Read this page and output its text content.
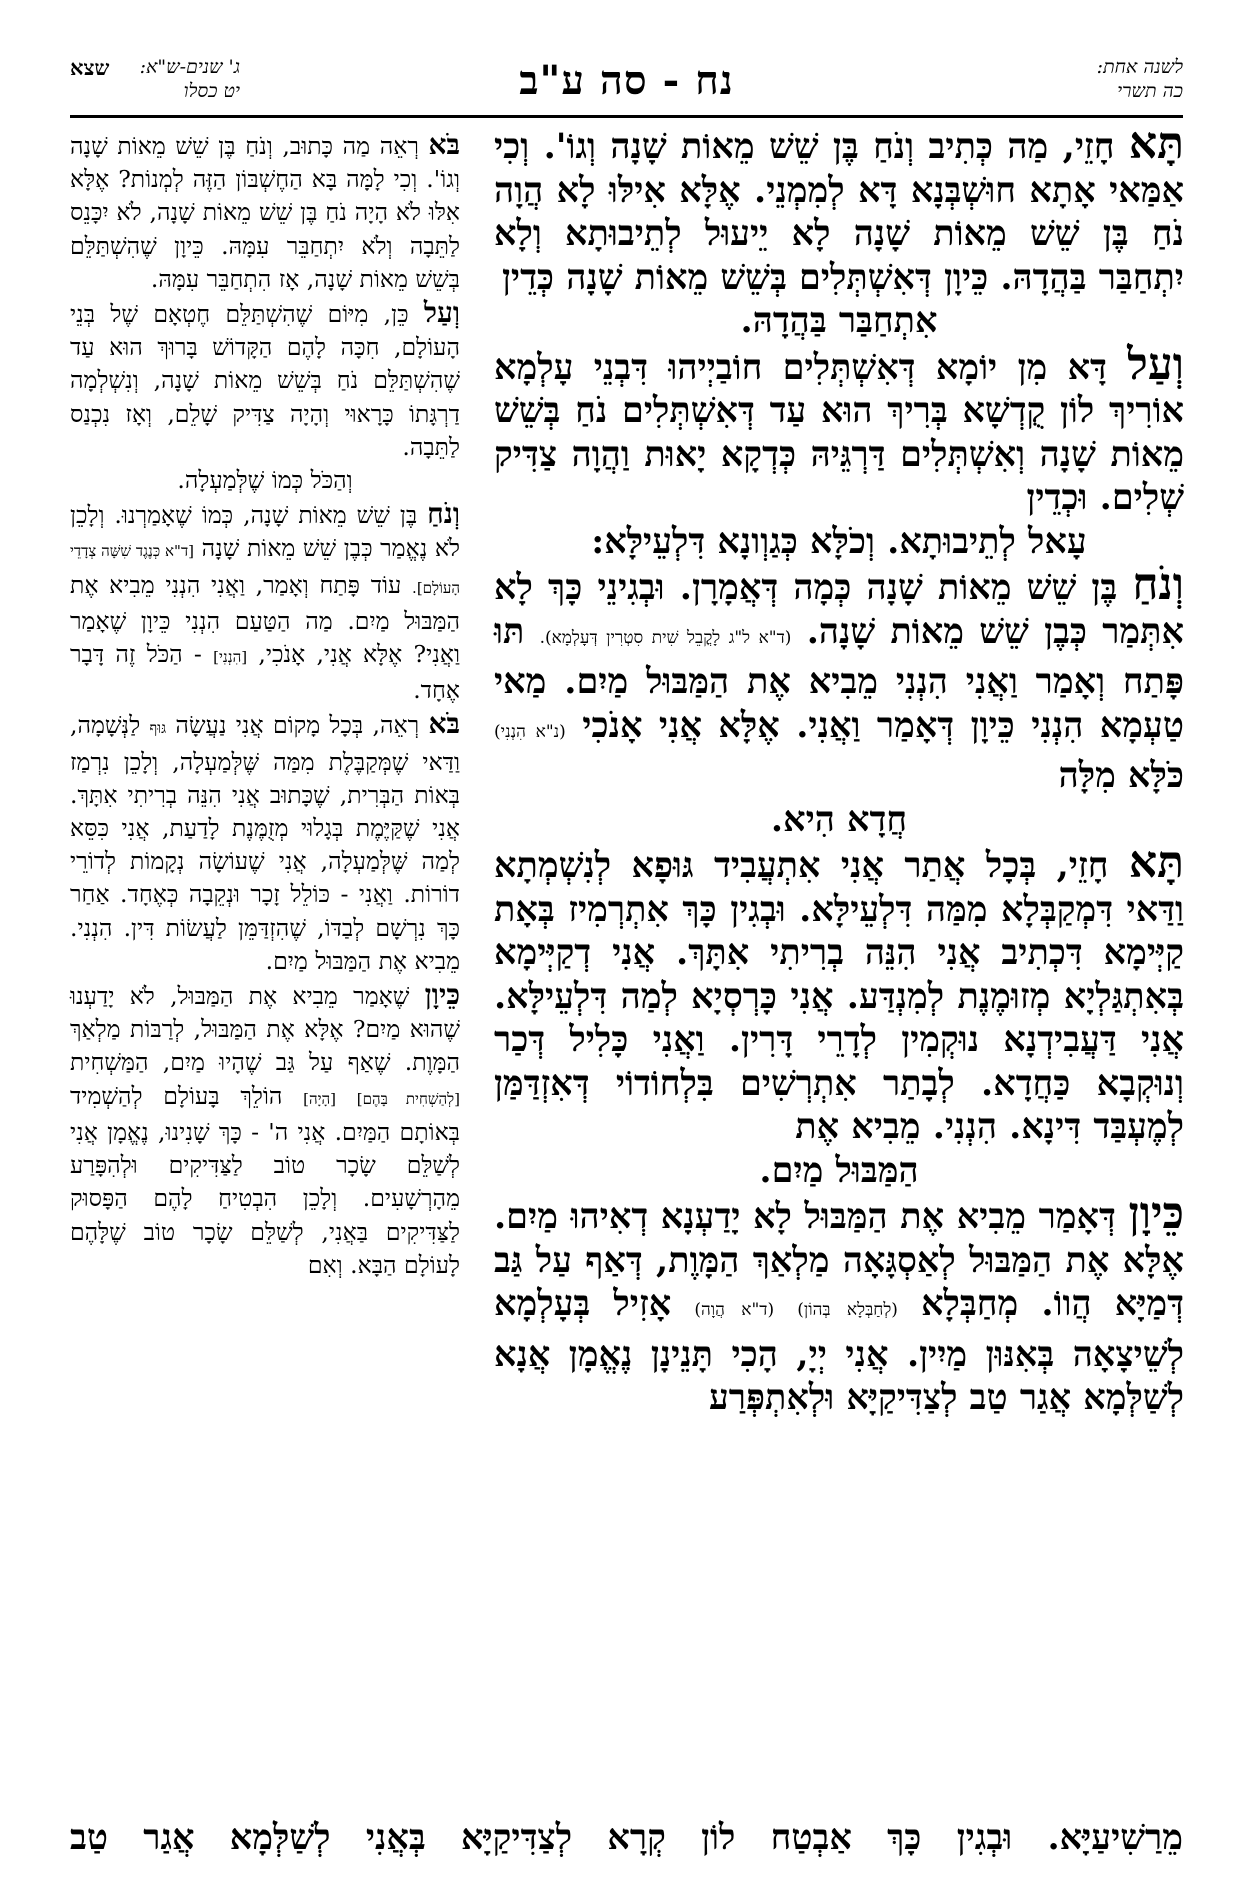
שצא	ג' שנים-ש"א:
יט כסלו	נח - סה ע"ב	לשנה אחת:
כה תשרי

תָּא חָזֵי, מַה כְּתִיב וְנֹחַ בֶּן שֵׁשׁ מֵאוֹת שָׁנָה וְגוֹ'. וְכִי אַמַּאי אָתָא חוּשְׁבְּנָא דָּא לְמִמְנֵי. אֶלָּא אִילּוּ לָא הֲוָה נֹחַ בֶּן שֵׁשׁ מֵאוֹת שָׁנָה לָא יֵיעוּל לְתֵיבוּתָא וְלָא יִתְחַבַּר בַּהֲדָהּ. כֵּיוָן דְּאִשְׁתְּלִים בְּשֵׁשׁ מֵאוֹת שָׁנָה כְּדֵין

אִתְחַבַּר בַּהֲדָהּ.

וְעַל דָּא מִן יוֹמָא דְּאִשְׁתְּלִים חוֹבַיְיהוּ דִּבְנֵי עָלְמָא אוֹרִיךְ לוֹן קֻדְשָׁא בְּרִיךְ הוּא עַד דְּאִשְׁתְּלִים נֹחַ בְּשֵׁשׁ מֵאוֹת שָׁנָה וְאִשְׁתְּלִים דַּרְגֵּיהּ כְּדְקָא יָאוּת וַהֲוָה צַדִּיק שְׁלִים. וּכְדֵין

עָאל לְתֵיבוּתָא. וְכֹלָּא כְּגַוְונָא דִּלְעֵילָּא:

וְנֹחַ בֶּן שֵׁשׁ מֵאוֹת שָׁנָה כְּמָה דְּאֲמָרָן. וּבְגִינֵי כָּךְ לָא אִתְּמַר כְּבֶן שֵׁשׁ מֵאוֹת שָׁנָה. (ד"א ל"ג לָקֳבֵל שִׁית סִטְרִין דְּעָלְמָא). תּוּ פָּתַח וְאָמַר וַאֲנִי הִנְנִי מֵבִיא אֶת הַמַּבּוּל מַיִם. מַאי טַעְמָא הִנְנִי כֵּיוָן דְּאָמַר וַאֲנִי. אֶלָּא אֲנִי אָנֹכִי (נ"א הִנְנִי) כֹּלָּא מִלָּה

חֲדָא הִיא.

תָּא חָזֵי, בְּכָל אֲתַר אֲנִי אִתְעֲבִיד גּוּפָא לְנִשְׁמְתָא וַדַּאי דִּמְקַבְּלָא מִמַּה דִּלְעֵילָּא. וּבְגִין כָּךְ אִתְרְמִיז בְּאָת קַיְּימָא דִּכְתִיב אֲנִי הִנֵּה בְרִיתִי אִתָּךְ. אֲנִי דְקַיְּימָא בְּאִתְגַּלְיָא מְזוּמֶנֶת לְמִנְדַּע. אֲנִי כָּרְסְיָא לְמַה דִּלְעֵילָּא. אֲנִי דַּעֲבִידְנָא נוּקְמִין לְדָרֵי דָּרִין. וַאֲנִי כָּלִיל דְּכַר וְנוּקְבָא כַּחֲדָא. לְבָתַר אִתְרְשִׁים בִּלְחוֹדוֹי דְּאִזְדַּמַּן לְמֶעְבַּד דִּינָא. הִנְנִי. מֵבִיא אֶת

הַמַּבּוּל מַיִם.

כֵּיוָן דְּאָמַר מֵבִיא אֶת הַמַּבּוּל לָא יָדַעְנָא דְאִיהוּ מַיִם. אֶלָּא אֶת הַמַּבּוּל לְאַסְגָּאָה מַלְאַךְ הַמָּוֶת, דְּאַף עַל גַּב דְּמַיָּא הֲווֹ. מְחַבְּלָא (לְחַבְּלָא בְּהוֹן) (ד"א הֲוָה) אָזִיל בְּעָלְמָא לְשֵׁיצָאָה בְּאִנּוּן מַיִין. אֲנִי יְיָ, הָכִי תָּנֵינָן נֶאֱמָן אֲנָא לְשַׁלְּמָא אֲגַר טַב לְצַדִּיקַיָּא וּלְאִתְפְּרַע

בֹּא רְאֵה מַה כָּתוּב, וְנֹחַ בֶּן שֵׁשׁ מֵאוֹת שָׁנָה וְגוֹ'. וְכִי לָמָּה בָּא הַחֶשְׁבּוֹן הַזֶּה לְמְנוֹת? אֶלָּא אִלּוּ לֹא הָיָה נֹחַ בֶּן שֵׁשׁ מֵאוֹת שָׁנָה, לֹא יִכָּנֵס לַתֵּבָה וְלֹא יִתְחַבֵּר עִמָּהּ. כֵּיוָן שֶׁהִשְׁתַּלֵּם בְּשֵׁשׁ מֵאוֹת שָׁנָה, אָז הִתְחַבֵּר עִמָּהּ.

וְעַל כֵּן, מִיּוֹם שֶׁהִשְׁתַּלֵּם חֶטְאָם שֶׁל בְּנֵי הָעוֹלָם, חִכָּה לָהֶם הַקָּדוֹשׁ בָּרוּךְ הוּא עַד שֶׁהִשְׁתַּלֵּם נֹחַ בְּשֵׁשׁ מֵאוֹת שָׁנָה, וְנִשְׁלְמָה דַרְגָּתוֹ כָּרָאוּי וְהָיָה צַדִּיק שָׁלֵם, וְאָז נִכְנַס לַתֵּבָה.

וְהַכֹּל כְּמוֹ שֶׁלְּמַעְלָה.

וְנֹחַ בֶּן שֵׁשׁ מֵאוֹת שָׁנָה, כְּמוֹ שֶׁאָמַרְנוּ. וְלָכֵן לֹא נֶאֱמַר כְּבֶן שֵׁשׁ מֵאוֹת שָׁנָה [ד"א כְּנֶגֶד שִׁשָּׁה צְדָדֵי הָעוֹלָם]. עוֹד פָּתַח וְאָמַר, וַאֲנִי הִנְנִי מֵבִיא אֶת הַמַּבּוּל מַיִם. מַה הַטַּעַם הִנְנִי כֵּיוָן שֶׁאָמַר וַאֲנִי? אֶלָּא אֲנִי, אָנֹכִי, [הִנְנִי] - הַכֹּל זֶה דָּבָר אֶחָד.

בֹּא רְאֵה, בְּכָל מָקוֹם אֲנִי נַעֲשָׂה גּוּף לַנְּשָׁמָה, וַדַּאי שֶׁמְּקַבֶּלֶת מִמַּה שֶּׁלְּמַעְלָה, וְלָכֵן נִרְמַז בְּאוֹת הַבְּרִית, שֶׁכָּתוּב אֲנִי הִנֵּה בְרִיתִי אִתָּךְ. אֲנִי שֶׁקַּיֶּמֶת בְּגָלוּי מְזֻמֶּנֶת לָדַעַת, אֲנִי כִּסֵּא לְמַה שֶּׁלְּמַעְלָה, אֲנִי שֶׁעוֹשָׂה נְקָמוֹת לְדוֹרֵי דוֹרוֹת. וַאֲנִי - כּוֹלֵל זָכָר וּנְקֵבָה כְּאֶחָד. אַחַר כָּךְ נִרְשָׁם לְבַדּוֹ, שֶׁהִזְדַּמֵּן לַעֲשׂוֹת דִּין. הִנְנִי. מֵבִיא אֶת הַמַּבּוּל מַיִם.

כֵּיוָן שֶׁאָמַר מֵבִיא אֶת הַמַּבּוּל, לֹא יָדַעְנוּ שֶׁהוּא מַיִם? אֶלָּא אֶת הַמַּבּוּל, לְרַבּוֹת מַלְאַךְ הַמָּוֶת. שֶׁאַף עַל גַּב שֶׁהָיוּ מַיִם, הַמַּשְׁחִית [לְהַשְׁחִית בָּהֶם] [הָיָה] הוֹלֵךְ בָּעוֹלָם לְהַשְׁמִיד בְּאוֹתָם הַמַּיִם. אֲנִי ה' - כָּךְ שָׁנִינוּ, נֶאֱמָן אֲנִי לְשַׁלֵּם שָׂכָר טוֹב לַצַּדִּיקִים וּלְהִפָּרַע מֵהָרְשָׁעִים. וְלָכֵן הִבְטִיחַ לָהֶם הַפָּסוּק לַצַּדִּיקִים בַּאֲנִי, לְשַׁלֵּם שָׂכָר טוֹב שֶׁלָּהֶם לָעוֹלָם הַבָּא. וְאִם

מֵרַשִׁיעַיָּא. וּבְגִין כָּךְ אַבְטַח לוֹן קְרָא לְצַדִּיקַיָּא בְּאֲנִי לְשַׁלְּמָא אֲגַר טַב
